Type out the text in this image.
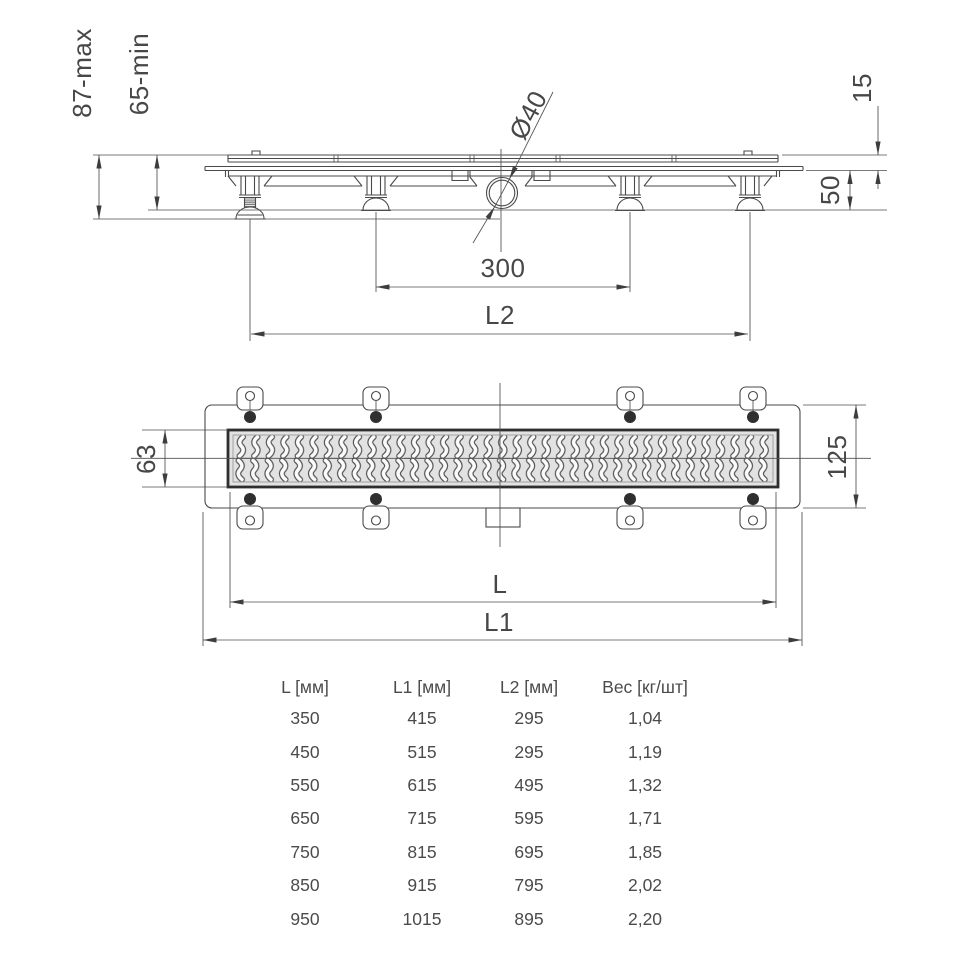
87-max 65-min	15
50
Ø40
300
L2
63	125
L
L1
L [мм]	L1 [мм]	L2 [мм]	Вес [кг/шт]
350	415	295	1,04
450	515	295	1,19
550	615	495	1,32
650	715	595	1,71
750	815	695	1,85
850	915	795	2,02
950	1015	895	2,20
